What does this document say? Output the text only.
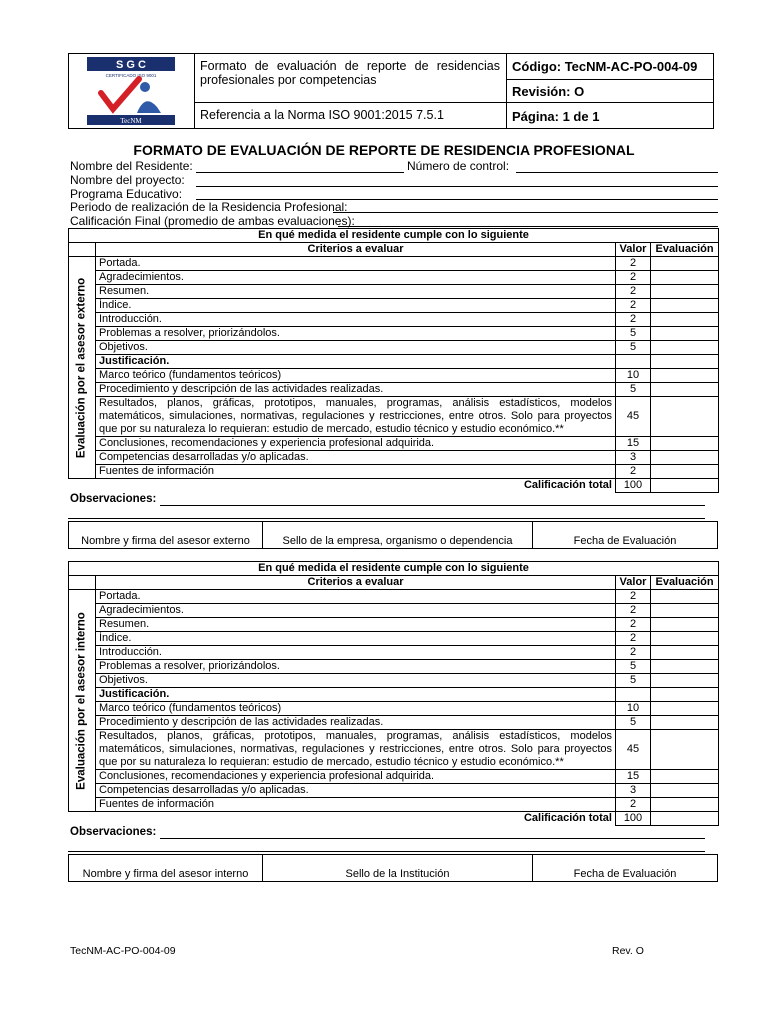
S G C
CERTIFICADO ISO 9001
TecNM
Formato de evaluación de reporte de residencias profesionales por competencias
Referencia a la Norma ISO 9001:2015 7.5.1
Código: TecNM-AC-PO-004-09
Revisión: O
Página: 1 de 1
FORMATO DE EVALUACIÓN DE REPORTE DE RESIDENCIA PROFESIONAL
Nombre del Residente:	Número de control:
Nombre del proyecto:
Programa Educativo:
Periodo de realización de la Residencia Profesional:
Calificación Final (promedio de ambas evaluaciones):
En qué medida el residente cumple con lo siguiente			
	Criterios a evaluar	Valor	Evaluación

Evaluación por el asesor externo	Portada.	2	
	Agradecimientos.	2	
	Resumen.	2	
	Índice.	2	
	Introducción.	2	
	Problemas a resolver, priorizándolos.	5	
	Objetivos.	5	
	Justificación.		
	Marco teórico (fundamentos teóricos)	10	
	Procedimiento y descripción de las actividades realizadas.	5	
	Resultados, planos, gráficas, prototipos, manuales, programas, análisis estadísticos, modelos matemáticos, simulaciones, normativas, regulaciones y restricciones, entre otros. Solo para proyectos que por su naturaleza lo requieran: estudio de mercado, estudio técnico y estudio económico.**	45	
	Conclusiones, recomendaciones y experiencia profesional adquirida.	15	
	Competencias desarrolladas y/o aplicadas.	3	
	Fuentes de información	2	
Calificación total		100	
Observaciones:
Nombre y firma del asesor externo	Sello de la empresa, organismo o dependencia	Fecha de Evaluación
En qué medida el residente cumple con lo siguiente			
	Criterios a evaluar	Valor	Evaluación

Evaluación por el asesor interno	Portada.	2	
	Agradecimientos.	2	
	Resumen.	2	
	Índice.	2	
	Introducción.	2	
	Problemas a resolver, priorizándolos.	5	
	Objetivos.	5	
	Justificación.		
	Marco teórico (fundamentos teóricos)	10	
	Procedimiento y descripción de las actividades realizadas.	5	
	Resultados, planos, gráficas, prototipos, manuales, programas, análisis estadísticos, modelos matemáticos, simulaciones, normativas, regulaciones y restricciones, entre otros. Solo para proyectos que por su naturaleza lo requieran: estudio de mercado, estudio técnico y estudio económico.**	45	
	Conclusiones, recomendaciones y experiencia profesional adquirida.	15	
	Competencias desarrolladas y/o aplicadas.	3	
	Fuentes de información	2	
Calificación total		100	
Observaciones:
Nombre y firma del asesor interno	Sello de la Institución	Fecha de Evaluación
TecNM-AC-PO-004-09	Rev. O
